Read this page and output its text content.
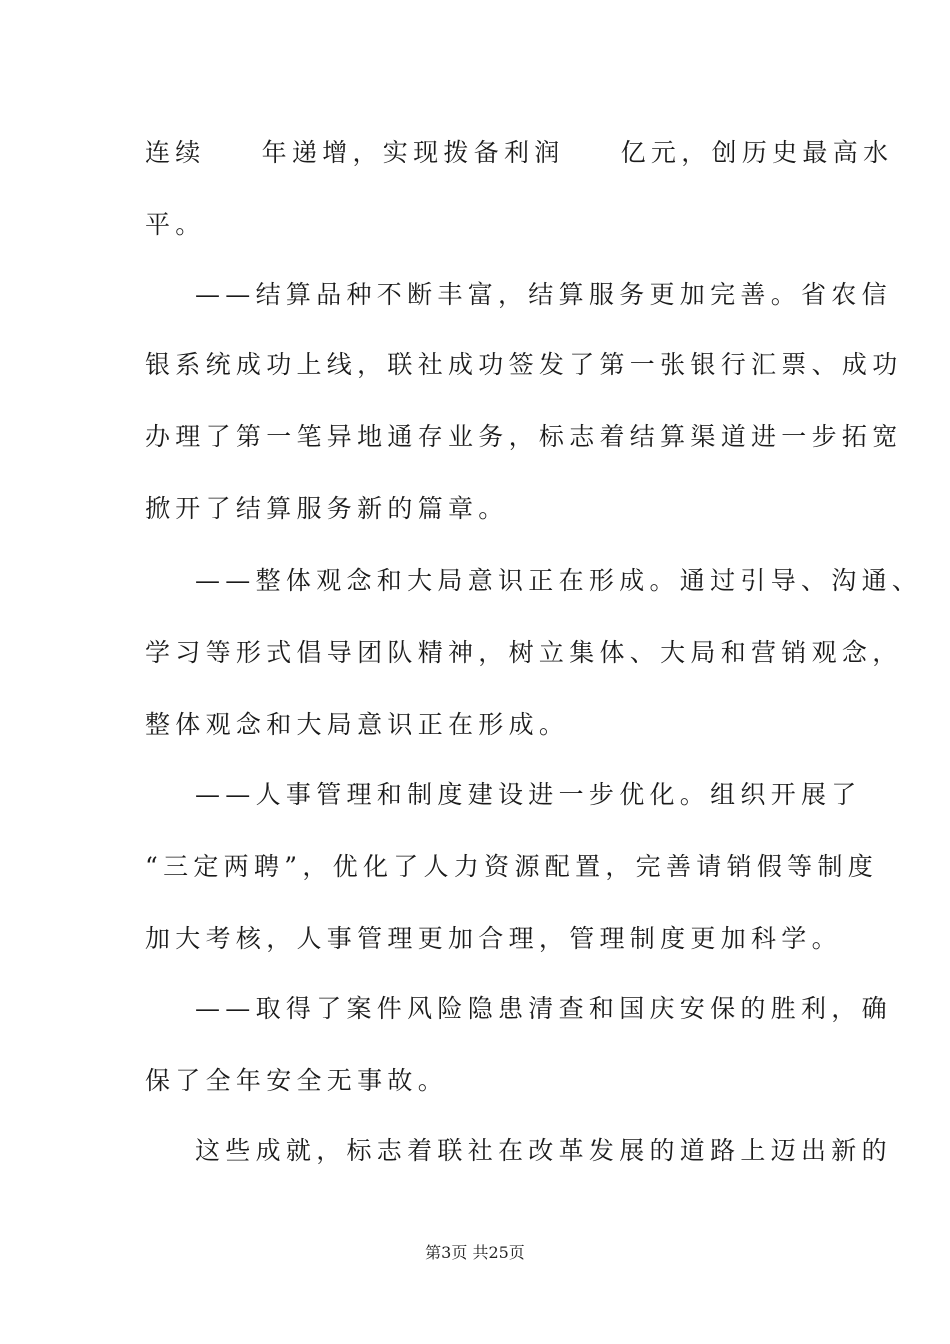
连续 年递增，实现拨备利润 亿元，创历史最高水
平。
——结算品种不断丰富，结算服务更加完善。省农信
银系统成功上线，联社成功签发了第一张银行汇票、成功
办理了第一笔异地通存业务，标志着结算渠道进一步拓宽
掀开了结算服务新的篇章。
——整体观念和大局意识正在形成。通过引导、沟通、
学习等形式倡导团队精神，树立集体、大局和营销观念，
整体观念和大局意识正在形成。
——人事管理和制度建设进一步优化。组织开展了
“三定两聘”，优化了人力资源配置，完善请销假等制度
加大考核，人事管理更加合理，管理制度更加科学。
——取得了案件风险隐患清查和国庆安保的胜利，确
保了全年安全无事故。
这些成就，标志着联社在改革发展的道路上迈出新的
第3页 共25页
